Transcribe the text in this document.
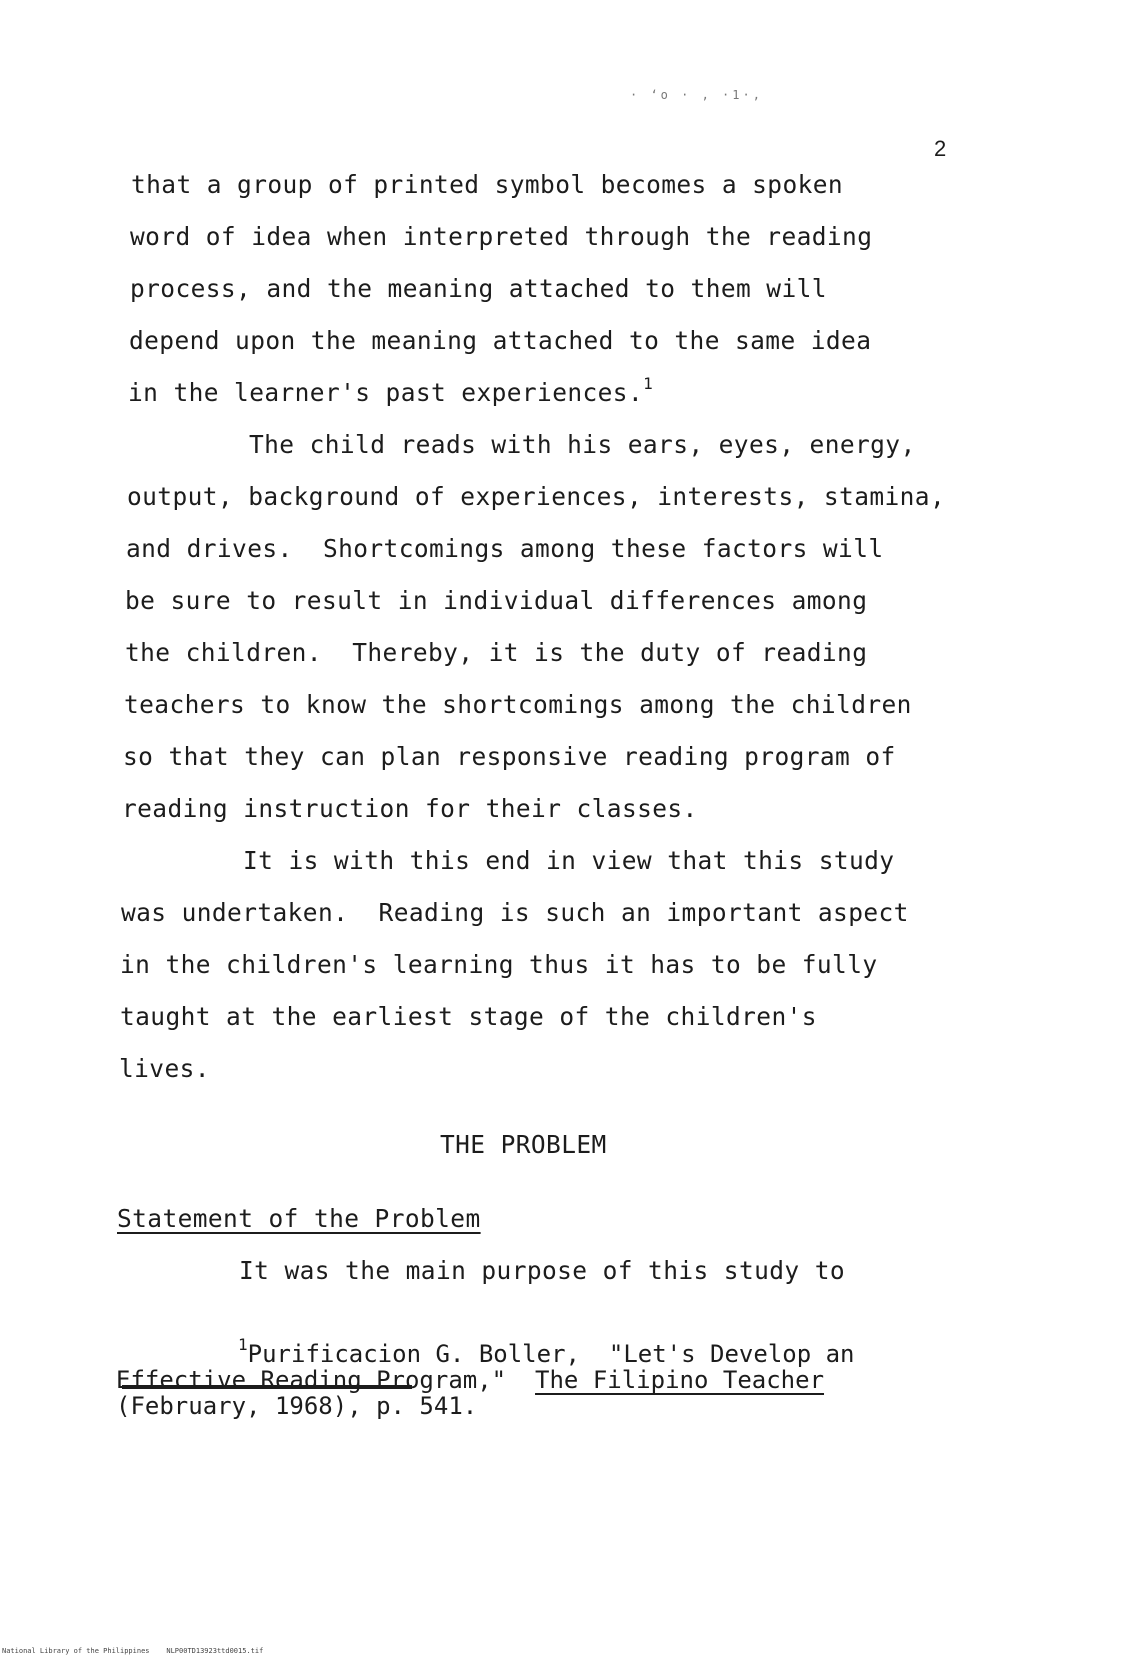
· ‘o · , ·1·,
2
that a group of printed symbol becomes a spoken
word of idea when interpreted through the reading
process, and the meaning attached to them will
depend upon the meaning attached to the same idea
in the learner's past experiences.$^1$
The child reads with his ears, eyes, energy,
output, background of experiences, interests, stamina,
and drives.  Shortcomings among these factors will
be sure to result in individual differences among
the children.  Thereby, it is the duty of reading
teachers to know the shortcomings among the children
so that they can plan responsive reading program of
reading instruction for their classes.
It is with this end in view that this study
was undertaken.  Reading is such an important aspect
in the children's learning thus it has to be fully
taught at the earliest stage of the children's
lives.
THE PROBLEM
Statement of the Problem
It was the main purpose of this study to
$^1$Purificacion G. Boller,  "Let's Develop an
Effective Reading Program,"  The Filipino Teacher
(February, 1968), p. 541.
National Library of the Philippines NLP00TD13923ttd0015.tif
